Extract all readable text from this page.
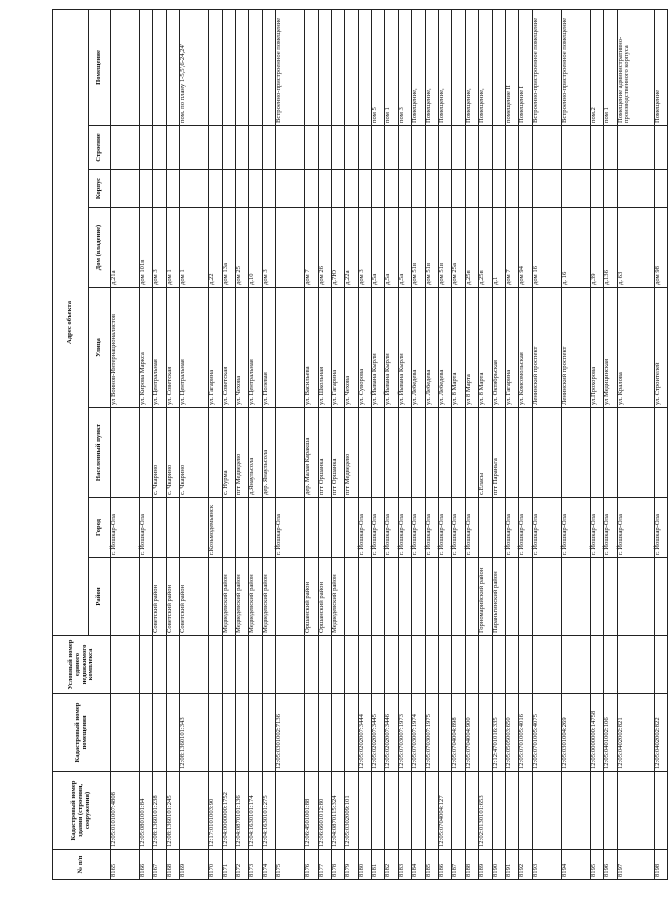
№ п/п	Кадастровый номер здания (строения, сооружения)	Кадастровый номер помещения	Условный номер единого недвижимого комплекса	Адрес объекта							
				Район	Город	Населенный пункт	Улица	Дом (владение)	Корпус	Строение	Помещение
8165	12:05:0101007:4808				г. Йошкар-Ола		ул Воинов-Интернационалистов	д.21а			
8166	12:05:0801001:84				г. Йошкар-Ола		ул. Кирова Маркса	дом 101в			
8167	12:08:1360101:238			Советский район		с. Чкарино	ул. Центральная	дом 3			
8168	12:08:1360101:245			Советский район		с. Чкарино	ул. Советская	дом 1			
8169		12:08:1360101:343		Советский район		с. Чкарино	ул. Центральная	дом 1			пом. по плану 1-5,5',6-24,24'
8170	12:17:0101003:90				г.Козьмодемьянск		ул. Гагарина	д.22			
8171	12:04:0000000:1752			Медведевский район		с. Нурма	ул. Советская	дом 13а			
8172	12:04:0870101:136			Медведевский район		пгт Медведево	ул. Чехова	дом 25			
8173	12:04:1630101:174			Медведевский район		д.Янаульсола	ул. Центральная	д.10			
8174	12:04:1630101:275			Медведевский район		дер. Янаульсола	ул. Полевая	дом 3			
8175		12:05:0301002:7136			г. Йошкар-Ола						Встроенно-пристроенное помещение
8176	12:06:4501001:88			Оршанский район		дер. Малая Каракша	ул. Васильева	дом 7			
8177	12:06:6601012:80			Оршанский район		пгт Оршанка	ул. Школьная	дом 26			
8178	12:04:0870115:324			Медведевский район		пгт Оршанка	ул. Гагарина	д.7Ю			
8179	12:05:0302009:101					пгт Медведево	ул. Чехова	д.22а			
8180		12:05:0202007:3444			г. Йошкар-Ола		ул. Суворова	дом 3			
8181		12:05:0202007:3445			г. Йошкар-Ола		ул. Йывана Кырли	д.5а			пом 5
8182		12:05:0202007:3446			г. Йошкар-Ола		ул. Йывана Кырли	д.5а			пом 1
8183		12:05:0703007:1973			г. Йошкар-Ола		ул. Йывана Кырли	д.5а			пом 3
8184		12:05:0703007:1974			г. Йошкар-Ола		ул. Лебедева	дом 51в			Помещение,
8185		12:05:0703007:1975			г. Йошкар-Ола		ул. Лебедева	дом 51в			Помещение,
8186	12:05:0704004:127				г. Йошкар-Ола		ул. Лебедева	дом 51в			Помещение,
8187		12:05:0704004:898			г. Йошкар-Ола		ул. 8 Марта	дом 25а			
8188		12:05:0704004:900			г. Йошкар-Ола		ул 8 Марта	д.25в			Помещение,
8189	12:02:0130101:653			Горномарийский район		с.Еласы	ул. 8 Марта	д.25в			Помещение,
8190		12:12:4701016:335		Параньгинский район		пгт Параньга	ул. Октябрьская	д.1			
8191		12:05:0505003:650			г. Йошкар-Ола		ул. Гагарина	дом 7			помещение II
8192		12:05:0701005:4016			г. Йошкар-Ола		ул. Комсомольская	дом 94			Помещение I
8193		12:05:0701005:4075			г. Йошкар-Ола		Ленинский проспект	дом 16			Встроенно-пристроенное помещение
8194		12:05:0301004:269			г. Йошкар-Ола		Ленинский проспект	д. 16			Встроенно-пристроенное помещение
8195		12:05:0000000:14758			г. Йошкар-Ола		ул.Прохорова	д.39			пом.2
8196		12:05:0401002:106			г. Йошкар-Ола		ул Медицинская	д.136			пом 1
8197		12:05:0402002:821			г. Йошкар-Ола		ул. Кралова	д. 63			Помещение административно-производственного корпуса
8198		12:05:0402002:822			г. Йошкар-Ола		ул. Строителей	дом 98			Помещение
